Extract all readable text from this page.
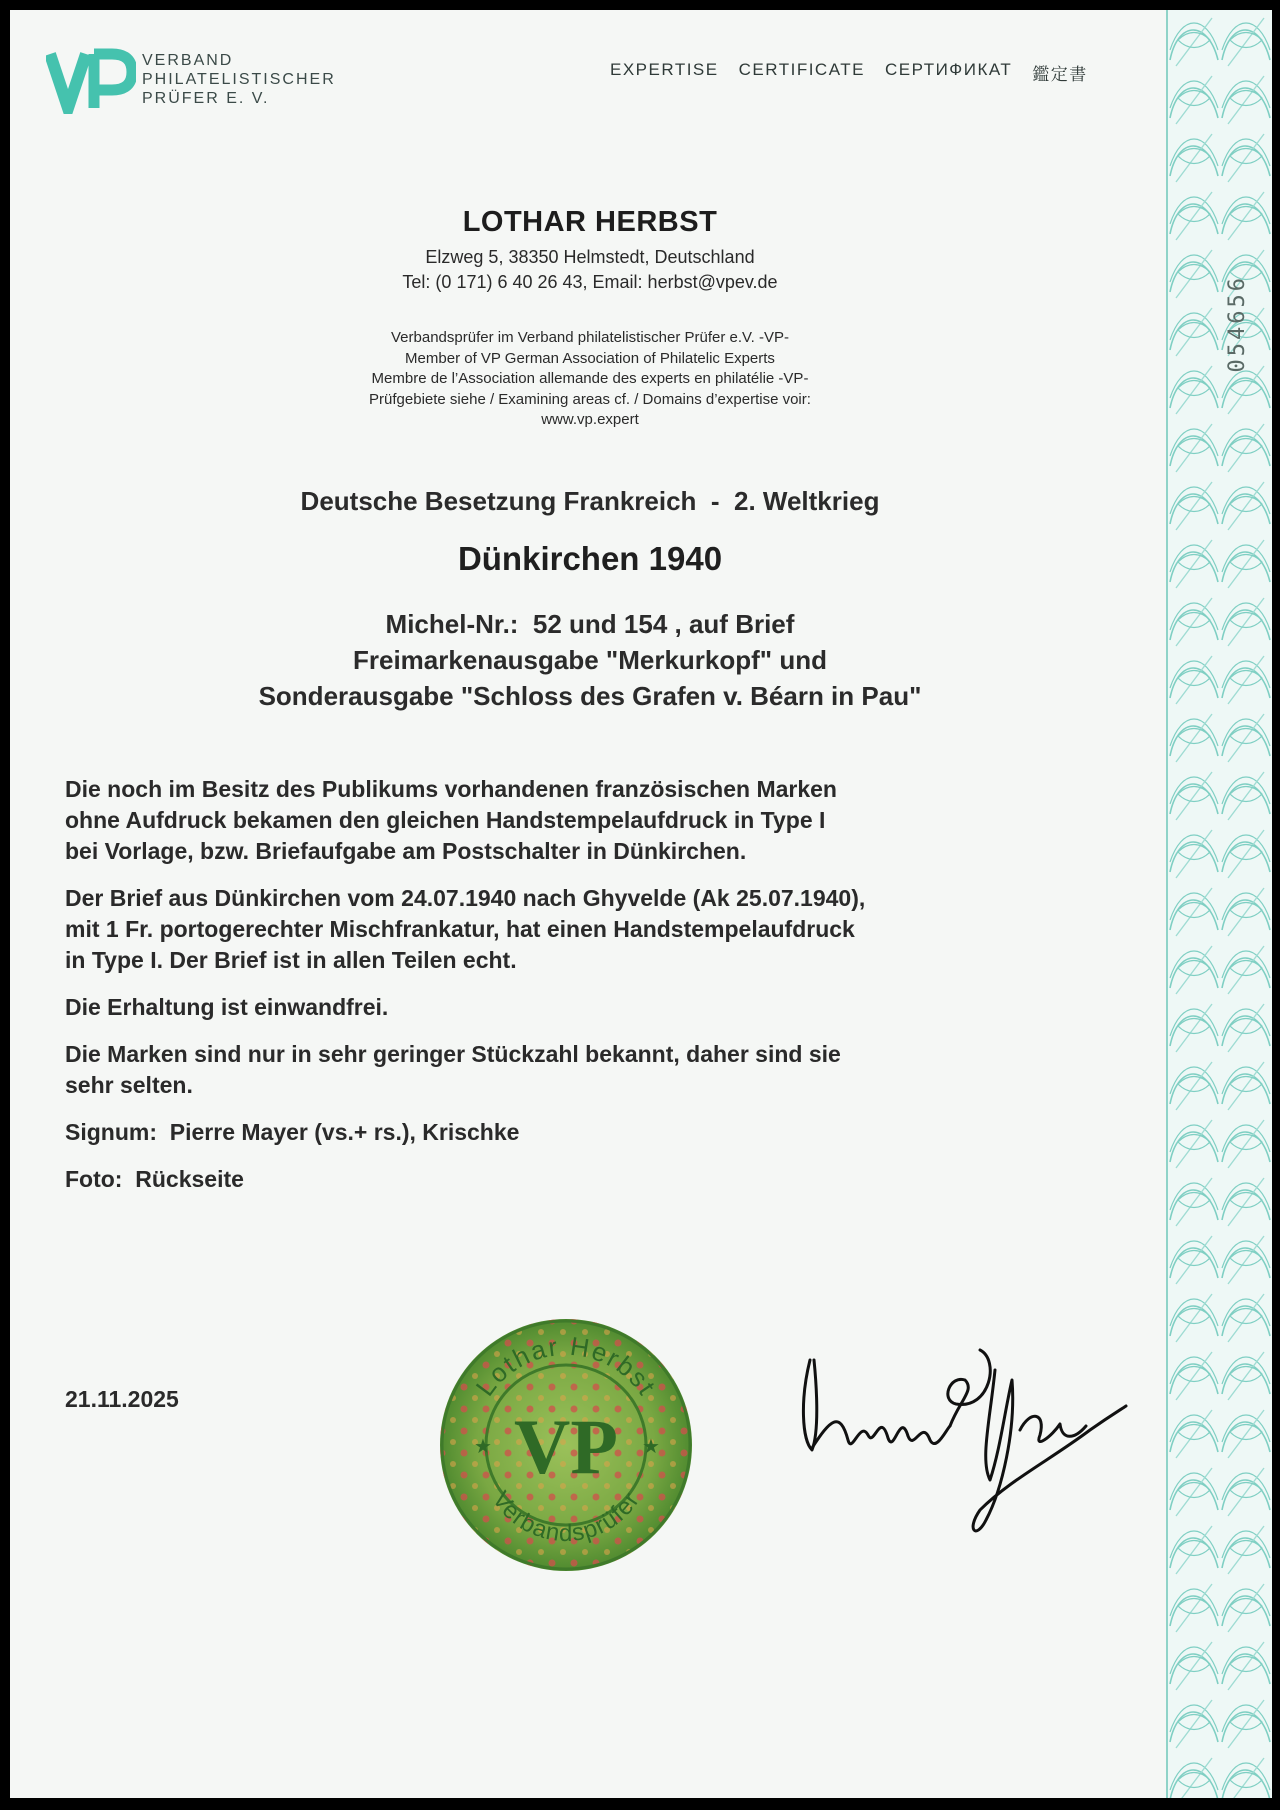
VERBAND
PHILATELISTISCHER
PRÜFER E. V.
EXPERTISE CERTIFICATE СЕРТИФИКАТ 鑑定書
LOTHAR HERBST
Elzweg 5, 38350 Helmstedt, Deutschland
Tel: (0 171) 6 40 26 43, Email: herbst@vpev.de
Verbandsprüfer im Verband philatelistischer Prüfer e.V. -VP-
Member of VP German Association of Philatelic Experts
Membre de l’Association allemande des experts en philatélie -VP-
Prüfgebiete siehe / Examining areas cf. / Domains d’expertise voir:
www.vp.expert
Deutsche Besetzung Frankreich  -  2. Weltkrieg
Dünkirchen 1940
Michel-Nr.:  52 und 154 , auf Brief
Freimarkenausgabe "Merkurkopf" und
Sonderausgabe "Schloss des Grafen v. Béarn in Pau"

Die noch im Besitz des Publikums vorhandenen französischen Marken
ohne Aufdruck bekamen den gleichen Handstempelaufdruck in Type I
bei Vorlage, bzw. Briefaufgabe am Postschalter in Dünkirchen.

Der Brief aus Dünkirchen vom 24.07.1940 nach Ghyvelde (Ak 25.07.1940),
mit 1 Fr. portogerechter Mischfrankatur, hat einen Handstempelaufdruck
in Type I. Der Brief ist in allen Teilen echt.

Die Erhaltung ist einwandfrei.

Die Marken sind nur in sehr geringer Stückzahl bekannt, daher sind sie
sehr selten.

Signum:  Pierre Mayer (vs.+ rs.), Krischke

Foto:  Rückseite

21.11.2025	Lothar Herbst
Verbandsprüfer
VP
★	★
054656
